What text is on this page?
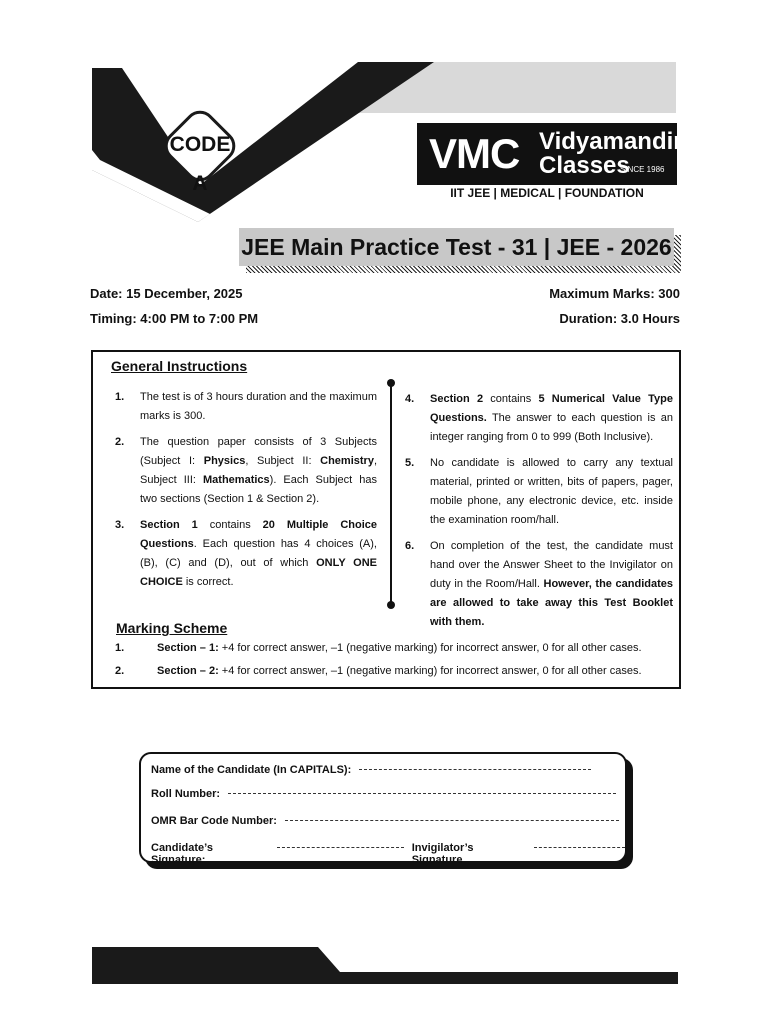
CODE
A
VMC Vidyamandir
Classes
SINCE 1986
IIT JEE | MEDICAL | FOUNDATION
JEE Main Practice Test - 31 | JEE - 2026
Date: 15 December, 2025
Timing: 4:00 PM to 7:00 PM
Maximum Marks: 300
Duration: 3.0 Hours
General Instructions
1.	The test is of 3 hours duration and the maximum marks is 300.
2.	The question paper consists of 3 Subjects (Subject I: Physics, Subject II: Chemistry, Subject III: Mathematics). Each Subject has two sections (Section 1 & Section 2).
3.	Section 1 contains 20 Multiple Choice Questions. Each question has 4 choices (A), (B), (C) and (D), out of which ONLY ONE CHOICE is correct.
4.	Section 2 contains 5 Numerical Value Type Questions. The answer to each question is an integer ranging from 0 to 999 (Both Inclusive).
5.	No candidate is allowed to carry any textual material, printed or written, bits of papers, pager, mobile phone, any electronic device, etc. inside the examination room/hall.
6.	On completion of the test, the candidate must hand over the Answer Sheet to the Invigilator on duty in the Room/Hall. However, the candidates are allowed to take away this Test Booklet with them.
Marking Scheme
1.	Section – 1: +4 for correct answer, –1 (negative marking) for incorrect answer, 0 for all other cases.
2.	Section – 2: +4 for correct answer, –1 (negative marking) for incorrect answer, 0 for all other cases.
Name of the Candidate (In CAPITALS):
Roll Number:
OMR Bar Code Number:
Candidate’s Signature:
Invigilator’s Signature
